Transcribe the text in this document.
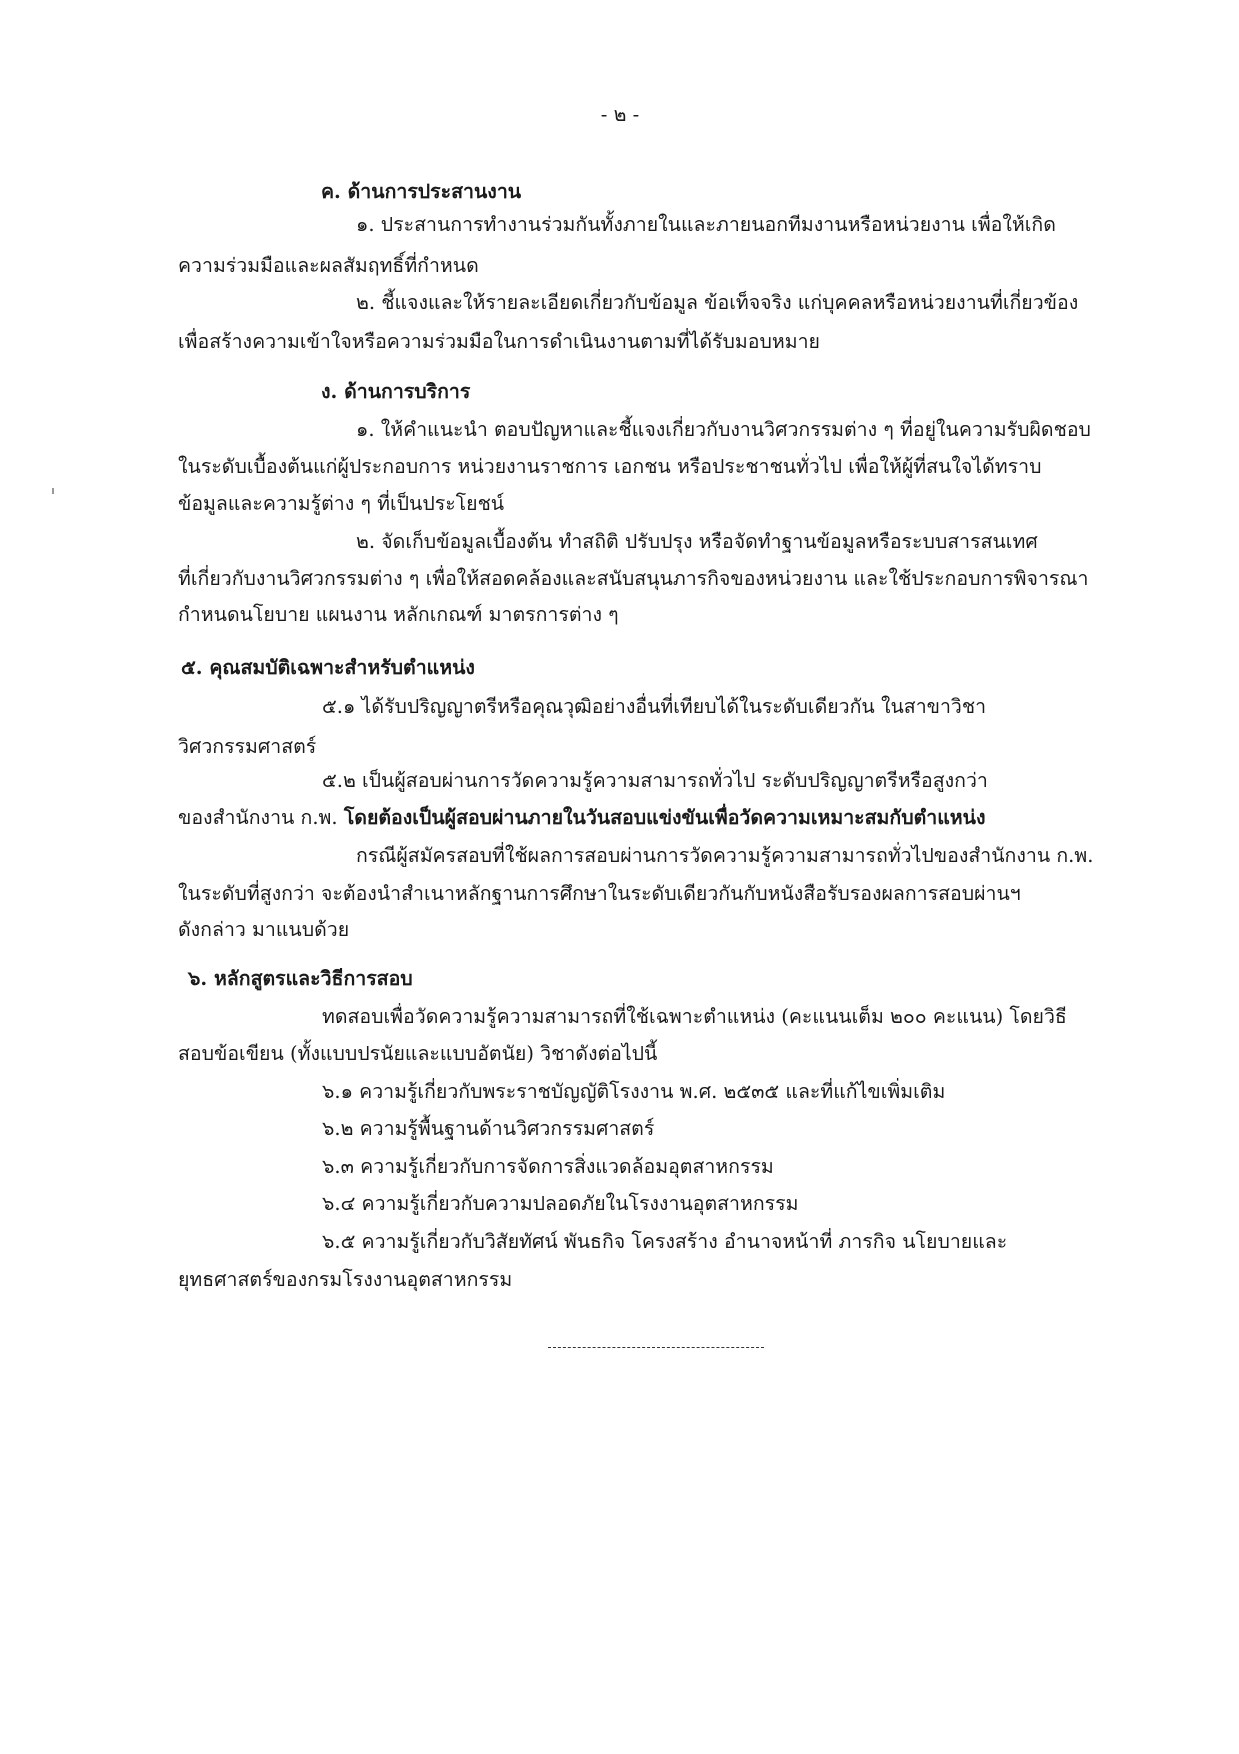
- ๒ -
ค. ด้านการประสานงาน
๑. ประสานการทำงานร่วมกันทั้งภายในและภายนอกทีมงานหรือหน่วยงาน เพื่อให้เกิด
ความร่วมมือและผลสัมฤทธิ์ที่กำหนด
๒. ชี้แจงและให้รายละเอียดเกี่ยวกับข้อมูล ข้อเท็จจริง แก่บุคคลหรือหน่วยงานที่เกี่ยวข้อง
เพื่อสร้างความเข้าใจหรือความร่วมมือในการดำเนินงานตามที่ได้รับมอบหมาย
ง. ด้านการบริการ
๑. ให้คำแนะนำ ตอบปัญหาและชี้แจงเกี่ยวกับงานวิศวกรรมต่าง ๆ ที่อยู่ในความรับผิดชอบ
ในระดับเบื้องต้นแก่ผู้ประกอบการ หน่วยงานราชการ เอกชน หรือประชาชนทั่วไป เพื่อให้ผู้ที่สนใจได้ทราบ
ข้อมูลและความรู้ต่าง ๆ ที่เป็นประโยชน์
๒. จัดเก็บข้อมูลเบื้องต้น ทำสถิติ ปรับปรุง หรือจัดทำฐานข้อมูลหรือระบบสารสนเทศ
ที่เกี่ยวกับงานวิศวกรรมต่าง ๆ เพื่อให้สอดคล้องและสนับสนุนภารกิจของหน่วยงาน และใช้ประกอบการพิจารณา
กำหนดนโยบาย แผนงาน หลักเกณฑ์ มาตรการต่าง ๆ
๕. คุณสมบัติเฉพาะสำหรับตำแหน่ง
๕.๑ ได้รับปริญญาตรีหรือคุณวุฒิอย่างอื่นที่เทียบได้ในระดับเดียวกัน ในสาขาวิชา
วิศวกรรมศาสตร์
๕.๒ เป็นผู้สอบผ่านการวัดความรู้ความสามารถทั่วไป ระดับปริญญาตรีหรือสูงกว่า
ของสำนักงาน ก.พ. โดยต้องเป็นผู้สอบผ่านภายในวันสอบแข่งขันเพื่อวัดความเหมาะสมกับตำแหน่ง
กรณีผู้สมัครสอบที่ใช้ผลการสอบผ่านการวัดความรู้ความสามารถทั่วไปของสำนักงาน ก.พ.
ในระดับที่สูงกว่า จะต้องนำสำเนาหลักฐานการศึกษาในระดับเดียวกันกับหนังสือรับรองผลการสอบผ่านฯ
ดังกล่าว มาแนบด้วย
๖. หลักสูตรและวิธีการสอบ
ทดสอบเพื่อวัดความรู้ความสามารถที่ใช้เฉพาะตำแหน่ง (คะแนนเต็ม ๒๐๐ คะแนน) โดยวิธี
สอบข้อเขียน (ทั้งแบบปรนัยและแบบอัตนัย) วิชาดังต่อไปนี้
๖.๑ ความรู้เกี่ยวกับพระราชบัญญัติโรงงาน พ.ศ. ๒๕๓๕ และที่แก้ไขเพิ่มเติม
๖.๒ ความรู้พื้นฐานด้านวิศวกรรมศาสตร์
๖.๓ ความรู้เกี่ยวกับการจัดการสิ่งแวดล้อมอุตสาหกรรม
๖.๔ ความรู้เกี่ยวกับความปลอดภัยในโรงงานอุตสาหกรรม
๖.๕ ความรู้เกี่ยวกับวิสัยทัศน์ พันธกิจ โครงสร้าง อำนาจหน้าที่ ภารกิจ นโยบายและ
ยุทธศาสตร์ของกรมโรงงานอุตสาหกรรม
